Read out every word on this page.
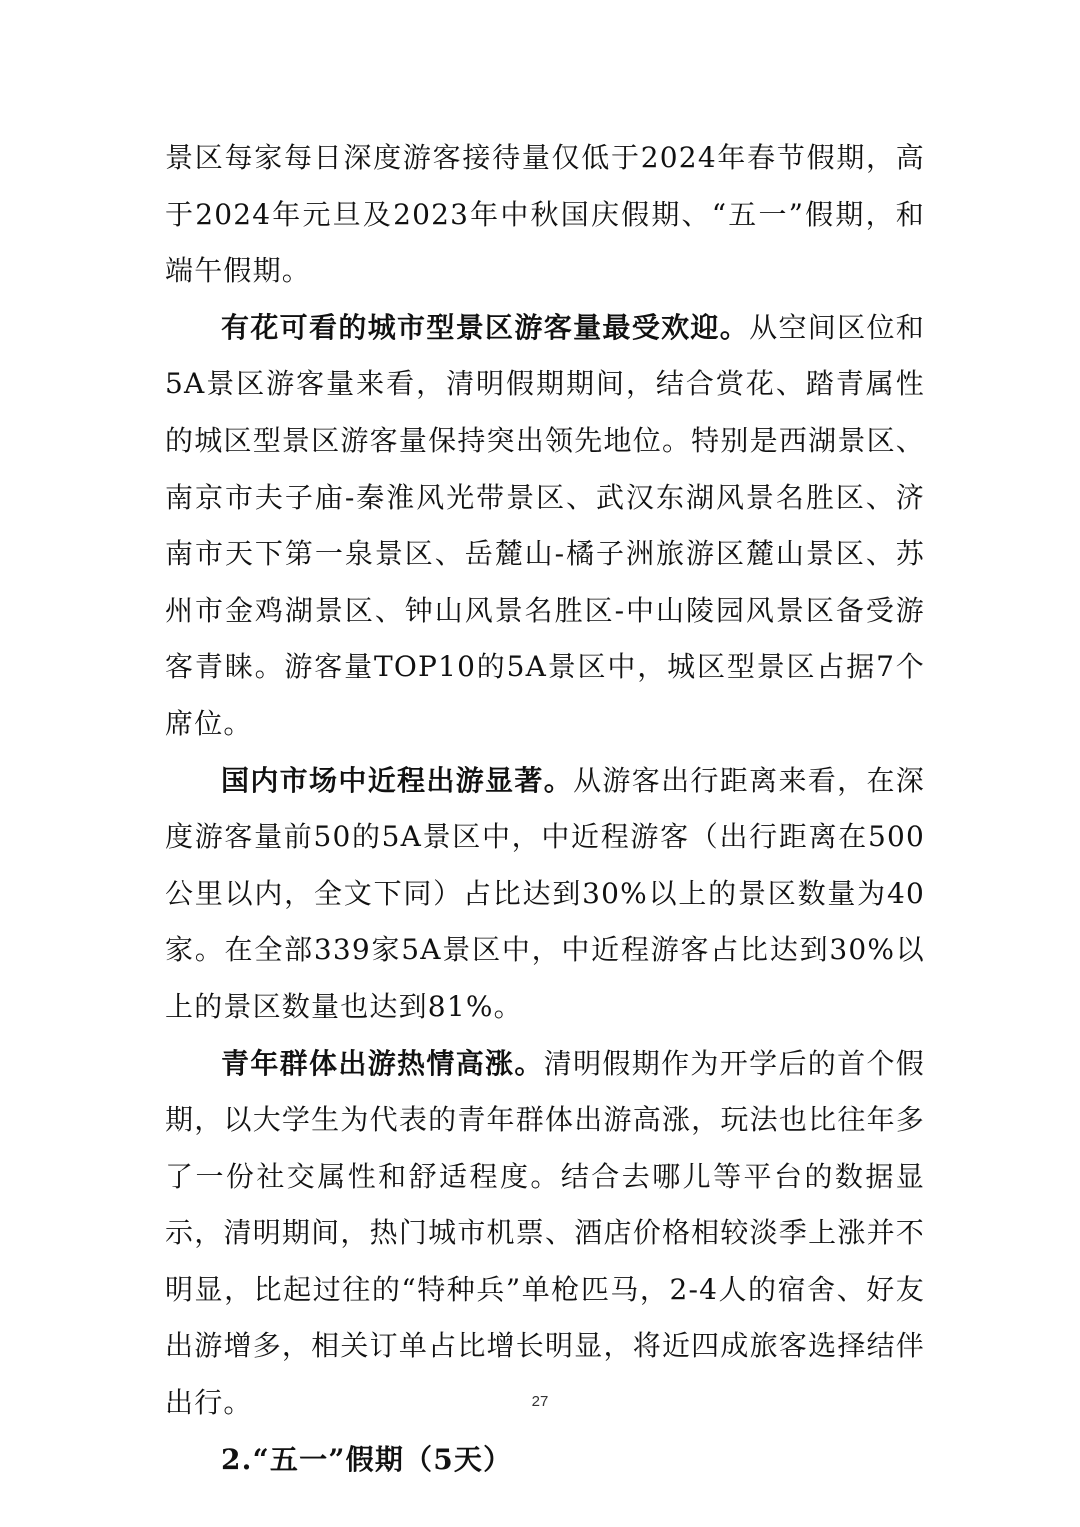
景区每家每日深度游客接待量仅低于2024年春节假期，高于2024年元旦及2023年中秋国庆假期、“五一”假期，和端午假期。

有花可看的城市型景区游客量最受欢迎。从空间区位和5A景区游客量来看，清明假期期间，结合赏花、踏青属性的城区型景区游客量保持突出领先地位。特别是西湖景区、南京市夫子庙-秦淮风光带景区、武汉东湖风景名胜区、济南市天下第一泉景区、岳麓山-橘子洲旅游区麓山景区、苏州市金鸡湖景区、钟山风景名胜区-中山陵园风景区备受游客青睐。游客量TOP10的5A景区中，城区型景区占据7个席位。

国内市场中近程出游显著。从游客出行距离来看，在深度游客量前50的5A景区中，中近程游客（出行距离在500公里以内，全文下同）占比达到30%以上的景区数量为40家。在全部339家5A景区中，中近程游客占比达到30%以上的景区数量也达到81%。

青年群体出游热情高涨。清明假期作为开学后的首个假期，以大学生为代表的青年群体出游高涨，玩法也比往年多了一份社交属性和舒适程度。结合去哪儿等平台的数据显示，清明期间，热门城市机票、酒店价格相较淡季上涨并不明显，比起过往的“特种兵”单枪匹马，2-4人的宿舍、好友出游增多，相关订单占比增长明显，将近四成旅客选择结伴出行。

2.“五一”假期（5天）

27
